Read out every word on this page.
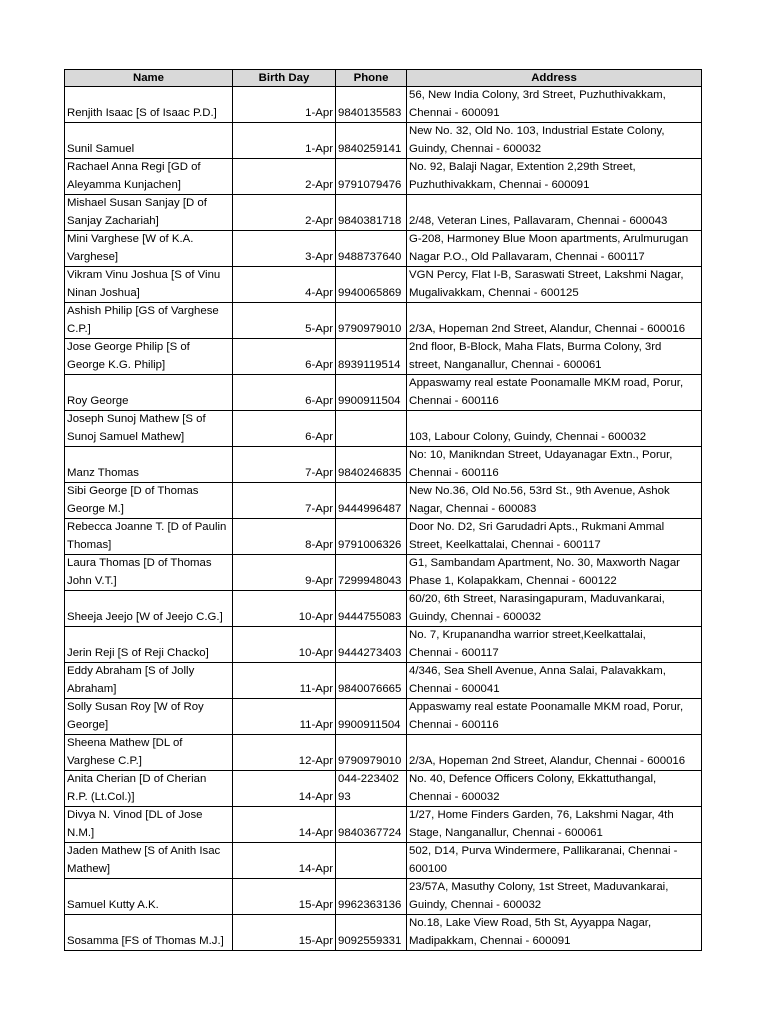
Name	Birth Day	Phone	Address

Renjith Isaac [S of Isaac P.D.]	1-Apr	9840135583	56, New India Colony, 3rd Street, Puzhuthivakkam,
Chennai - 600091

Sunil Samuel	1-Apr	9840259141	New No. 32, Old No. 103, Industrial Estate Colony,
Guindy, Chennai - 600032

Rachael Anna Regi [GD of Aleyamma Kunjachen]	2-Apr	9791079476	No. 92, Balaji Nagar, Extention 2,29th Street,
Puzhuthivakkam, Chennai - 600091

Mishael Susan Sanjay [D of Sanjay Zachariah]	2-Apr	9840381718	2/48, Veteran Lines, Pallavaram, Chennai - 600043

Mini Varghese [W of K.A. Varghese]	3-Apr	9488737640	G-208, Harmoney Blue Moon apartments, Arulmurugan
Nagar P.O., Old Pallavaram, Chennai - 600117

Vikram Vinu Joshua [S of Vinu Ninan Joshua]	4-Apr	9940065869	VGN Percy, Flat I-B, Saraswati Street, Lakshmi Nagar,
Mugalivakkam, Chennai - 600125

Ashish Philip [GS of Varghese C.P.]	5-Apr	9790979010	2/3A, Hopeman 2nd Street, Alandur, Chennai - 600016

Jose George Philip [S of George K.G. Philip]	6-Apr	8939119514	2nd floor, B-Block, Maha Flats, Burma Colony, 3rd
street, Nanganallur, Chennai - 600061

Roy George	6-Apr	9900911504	Appaswamy real estate Poonamalle MKM road, Porur,
Chennai - 600116

Joseph Sunoj Mathew [S of Sunoj Samuel Mathew]	6-Apr		103, Labour Colony, Guindy, Chennai - 600032

Manz Thomas	7-Apr	9840246835	No: 10, Manikndan Street, Udayanagar Extn., Porur,
Chennai - 600116

Sibi George [D of Thomas George M.]	7-Apr	9444996487	New No.36, Old No.56, 53rd St., 9th Avenue, Ashok
Nagar, Chennai - 600083

Rebecca Joanne T. [D of Paulin Thomas]	8-Apr	9791006326	Door No. D2, Sri Garudadri Apts., Rukmani Ammal
Street, Keelkattalai, Chennai - 600117

Laura Thomas [D of Thomas John V.T.]	9-Apr	7299948043	G1, Sambandam Apartment, No. 30, Maxworth Nagar
Phase 1, Kolapakkam, Chennai - 600122

Sheeja Jeejo [W of Jeejo C.G.]	10-Apr	9444755083	60/20, 6th Street, Narasingapuram, Maduvankarai,
Guindy, Chennai - 600032

Jerin Reji [S of Reji Chacko]	10-Apr	9444273403	No. 7, Krupanandha warrior street,Keelkattalai,
Chennai - 600117

Eddy Abraham [S of Jolly Abraham]	11-Apr	9840076665	4/346, Sea Shell Avenue, Anna Salai, Palavakkam,
Chennai - 600041

Solly Susan Roy [W of Roy George]	11-Apr	9900911504	Appaswamy real estate Poonamalle MKM road, Porur,
Chennai - 600116

Sheena Mathew [DL of Varghese C.P.]	12-Apr	9790979010	2/3A, Hopeman 2nd Street, Alandur, Chennai - 600016

Anita Cherian [D of Cherian R.P. (Lt.Col.)]	14-Apr	044-22340293	No. 40, Defence Officers Colony, Ekkattuthangal,
Chennai - 600032

Divya N. Vinod [DL of Jose N.M.]	14-Apr	9840367724	1/27, Home Finders Garden, 76, Lakshmi Nagar, 4th
Stage, Nanganallur, Chennai - 600061

Jaden Mathew [S of Anith Isac Mathew]	14-Apr		502, D14, Purva Windermere, Pallikaranai, Chennai -
600100

Samuel Kutty A.K.	15-Apr	9962363136	23/57A, Masuthy Colony, 1st Street, Maduvankarai,
Guindy, Chennai - 600032

Sosamma [FS of Thomas M.J.]	15-Apr	9092559331	No.18, Lake View Road, 5th St, Ayyappa Nagar,
Madipakkam, Chennai - 600091
